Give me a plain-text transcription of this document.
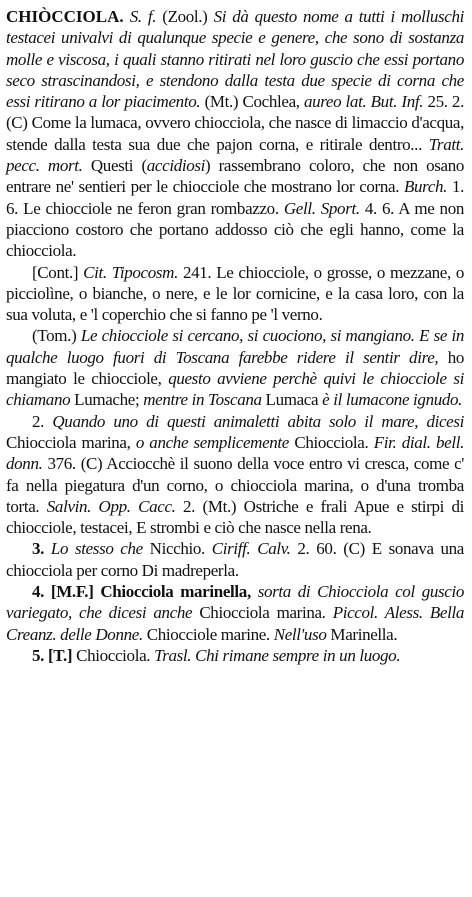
CHIÒCCIOLA. S. f. (Zool.) Si dà questo nome a tutti i molluschi testacei univalvi di qualunque specie e genere, che sono di sostanza molle e viscosa, i quali stanno ritirati nel loro guscio che essi portano seco strascinandosi, e stendono dalla testa due specie di corna che essi ritirano a lor piacimento. (Mt.) Cochlea, aureo lat. But. Inf. 25. 2. (C) Come la lumaca, ovvero chiocciola, che nasce di limaccio d'acqua, stende dalla testa sua due che pajon corna, e ritirale dentro... Tratt. pecc. mort. Questi (accidiosi) rassembrano coloro, che non osano entrare ne' sentieri per le chiocciole che mostrano lor corna. Burch. 1. 6. Le chiocciole ne feron gran rombazzo. Gell. Sport. 4. 6. A me non piacciono costoro che portano addosso ciò che egli hanno, come la chiocciola.

[Cont.] Cit. Tipocosm. 241. Le chiocciole, o grosse, o mezzane, o picciolìne, o bianche, o nere, e le lor cornicine, e la casa loro, con la sua voluta, e 'l coperchio che si fanno pe 'l verno.

(Tom.) Le chiocciole si cercano, si cuociono, si mangiano. E se in qualche luogo fuori di Toscana farebbe ridere il sentir dire, ho mangiato le chiocciole, questo avviene perchè quivi le chiocciole si chiamano Lumache; mentre in Toscana Lumaca è il lumacone ignudo.

2. Quando uno di questi animaletti abita solo il mare, dicesi Chiocciola marina, o anche semplicemente Chiocciola. Fir. dial. bell. donn. 376. (C) Acciocchè il suono della voce entro vi cresca, come c' fa nella piegatura d'un corno, o chiocciola marina, o d'una tromba torta. Salvin. Opp. Cacc. 2. (Mt.) Ostriche e frali Apue e stirpi di chiocciole, testacei, E strombi e ciò che nasce nella rena.

3. Lo stesso che Nicchio. Ciriff. Calv. 2. 60. (C) E sonava una chiocciola per corno Di madreperla.

4. [M.F.] Chiocciola marinella, sorta di Chiocciola col guscio variegato, che dicesi anche Chiocciola marina. Piccol. Aless. Bella Creanz. delle Donne. Chiocciole marine. Nell'uso Marinella.

5. [T.] Chiocciola. Trasl. Chi rimane sempre in un luogo.
